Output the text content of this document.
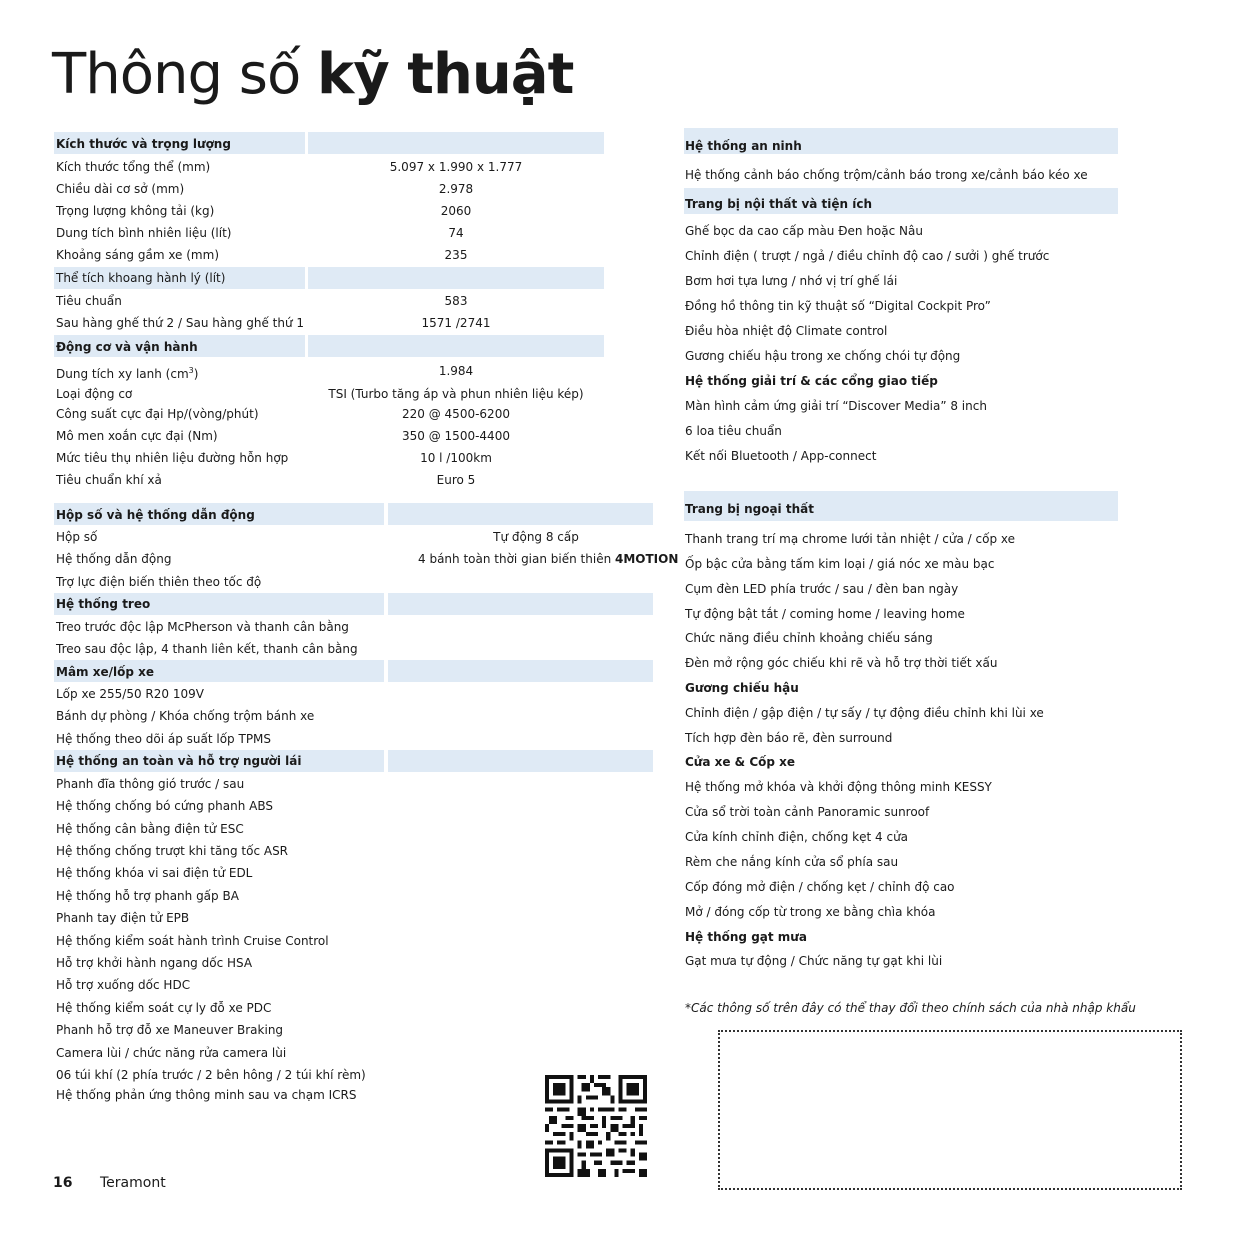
Thông số kỹ thuật
Kích thước và trọng lượng
Kích thước tổng thể (mm)	5.097 x 1.990 x 1.777
Chiều dài cơ sở (mm)	2.978
Trọng lượng không tải (kg)	2060
Dung tích bình nhiên liệu (lít)	74
Khoảng sáng gầm xe (mm)	235
Thể tích khoang hành lý (lít)
Tiêu chuẩn	583
Sau hàng ghế thứ 2 / Sau hàng ghế thứ 1	1571 /2741
Động cơ và vận hành
Dung tích xy lanh $(cm^3)$	1.984
Loại động cơ	TSI (Turbo tăng áp và phun nhiên liệu kép)
Công suất cực đại Hp/(vòng/phút)	220 @ 4500-6200
Mô men xoắn cực đại (Nm)	350 @ 1500-4400
Mức tiêu thụ nhiên liệu đường hỗn hợp	10 l /100km
Tiêu chuẩn khí xả	Euro 5
Hộp số và hệ thống dẫn động
Hộp số	Tự động 8 cấp
Hệ thống dẫn động	4 bánh toàn thời gian biến thiên 4MOTION
Trợ lực điện biến thiên theo tốc độ
Hệ thống treo
Treo trước độc lập McPherson và thanh cân bằng
Treo sau độc lập, 4 thanh liên kết, thanh cân bằng
Mâm xe/lốp xe
Lốp xe 255/50 R20 109V
Bánh dự phòng / Khóa chống trộm bánh xe
Hệ thống theo dõi áp suất lốp TPMS
Hệ thống an toàn và hỗ trợ người lái
Phanh đĩa thông gió trước / sau
Hệ thống chống bó cứng phanh ABS
Hệ thống cân bằng điện tử ESC
Hệ thống chống trượt khi tăng tốc ASR
Hệ thống khóa vi sai điện tử EDL
Hệ thống hỗ trợ phanh gấp BA
Phanh tay điện tử EPB
Hệ thống kiểm soát hành trình Cruise Control
Hỗ trợ khởi hành ngang dốc HSA
Hỗ trợ xuống dốc HDC
Hệ thống kiểm soát cự ly đỗ xe PDC
Phanh hỗ trợ đỗ xe Maneuver Braking
Camera lùi / chức năng rửa camera lùi
06 túi khí (2 phía trước / 2 bên hông / 2 túi khí rèm)
Hệ thống phản ứng thông minh sau va chạm ICRS
Hệ thống an ninh
Hệ thống cảnh báo chống trộm/cảnh báo trong xe/cảnh báo kéo xe
Trang bị nội thất và tiện ích
Ghế bọc da cao cấp màu Đen hoặc Nâu
Chỉnh điện ( trượt / ngả / điều chỉnh độ cao / sưởi ) ghế trước
Bơm hơi tựa lưng / nhớ vị trí ghế lái
Đồng hồ thông tin kỹ thuật số “Digital Cockpit Pro”
Điều hòa nhiệt độ Climate control
Gương chiếu hậu trong xe chống chói tự động
Hệ thống giải trí & các cổng giao tiếp
Màn hình cảm ứng giải trí “Discover Media” 8 inch
6 loa tiêu chuẩn
Kết nối Bluetooth / App-connect
Trang bị ngoại thất
Thanh trang trí mạ chrome lưới tản nhiệt / cửa / cốp xe
Ốp bậc cửa bằng tấm kim loại / giá nóc xe màu bạc
Cụm đèn LED phía trước / sau / đèn ban ngày
Tự động bật tắt / coming home / leaving home
Chức năng điều chỉnh khoảng chiếu sáng
Đèn mở rộng góc chiếu khi rẽ và hỗ trợ thời tiết xấu
Gương chiếu hậu
Chỉnh điện / gập điện / tự sấy / tự động điều chỉnh khi lùi xe
Tích hợp đèn báo rẽ, đèn surround
Cửa xe & Cốp xe
Hệ thống mở khóa và khởi động thông minh KESSY
Cửa sổ trời toàn cảnh Panoramic sunroof
Cửa kính chỉnh điện, chống kẹt 4 cửa
Rèm che nắng kính cửa sổ phía sau
Cốp đóng mở điện / chống kẹt / chỉnh độ cao
Mở / đóng cốp từ trong xe bằng chìa khóa
Hệ thống gạt mưa
Gạt mưa tự động / Chức năng tự gạt khi lùi
*Các thông số trên đây có thể thay đổi theo chính sách của nhà nhập khẩu
16 Teramont
